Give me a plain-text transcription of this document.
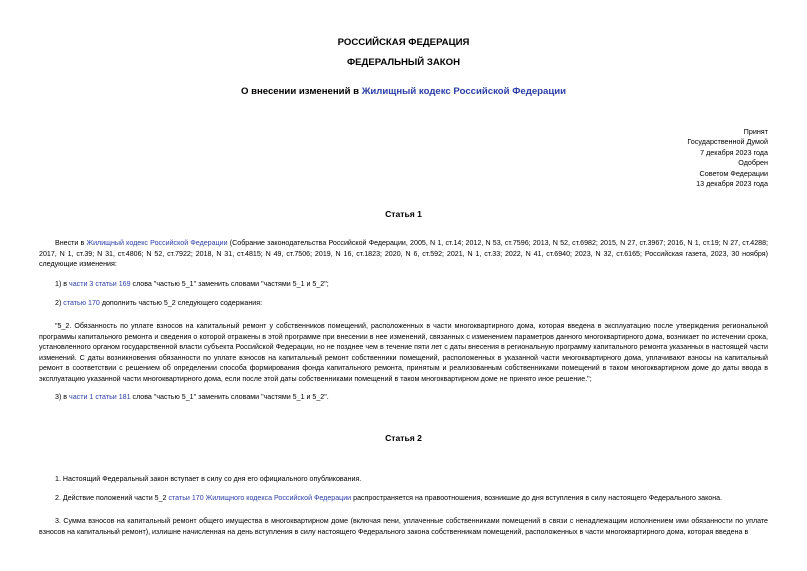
РОССИЙСКАЯ ФЕДЕРАЦИЯ
ФЕДЕРАЛЬНЫЙ ЗАКОН
О внесении изменений в Жилищный кодекс Российской Федерации
Принят
Государственной Думой
7 декабря 2023 года
Одобрен
Советом Федерации
13 декабря 2023 года
Статья 1
Внести в Жилищный кодекс Российской Федерации (Собрание законодательства Российской Федерации, 2005, N 1, ст.14; 2012, N 53, ст.7596; 2013, N 52, ст.6982; 2015, N 27, ст.3967; 2016, N 1, ст.19; N 27, ст.4288; 2017, N 1, ст.39; N 31, ст.4806; N 52, ст.7922; 2018, N 31, ст.4815; N 49, ст.7506; 2019, N 16, ст.1823; 2020, N 6, ст.592; 2021, N 1, ст.33; 2022, N 41, ст.6940; 2023, N 32, ст.6165; Российская газета, 2023, 30 ноября) следующие изменения:
1) в части 3 статьи 169 слова "частью 5_1" заменить словами "частями 5_1 и 5_2";
2) статью 170 дополнить частью 5_2 следующего содержания:
"5_2. Обязанность по уплате взносов на капитальный ремонт у собственников помещений, расположенных в части многоквартирного дома, которая введена в эксплуатацию после утверждения региональной программы капитального ремонта и сведения о которой отражены в этой программе при внесении в нее изменений, связанных с изменением параметров данного многоквартирного дома, возникает по истечении срока, установленного органом государственной власти субъекта Российской Федерации, но не позднее чем в течение пяти лет с даты внесения в региональную программу капитального ремонта указанных в настоящей части изменений. С даты возникновения обязанности по уплате взносов на капитальный ремонт собственники помещений, расположенных в указанной части многоквартирного дома, уплачивают взносы на капитальный ремонт в соответствии с решением об определении способа формирования фонда капитального ремонта, принятым и реализованным собственниками помещений в таком многоквартирном доме до даты ввода в эксплуатацию указанной части многоквартирного дома, если после этой даты собственниками помещений в таком многоквартирном доме не принято иное решение.";
3) в части 1 статьи 181 слова "частью 5_1" заменить словами "частями 5_1 и 5_2".
Статья 2
1. Настоящий Федеральный закон вступает в силу со дня его официального опубликования.
2. Действие положений части 5_2 статьи 170 Жилищного кодекса Российской Федерации распространяется на правоотношения, возникшие до дня вступления в силу настоящего Федерального закона.
3. Сумма взносов на капитальный ремонт общего имущества в многоквартирном доме (включая пени, уплаченные собственниками помещений в связи с ненадлежащим исполнением ими обязанности по уплате взносов на капитальный ремонт), излишне начисленная на день вступления в силу настоящего Федерального закона собственникам помещений, расположенных в части многоквартирного дома, которая введена в
